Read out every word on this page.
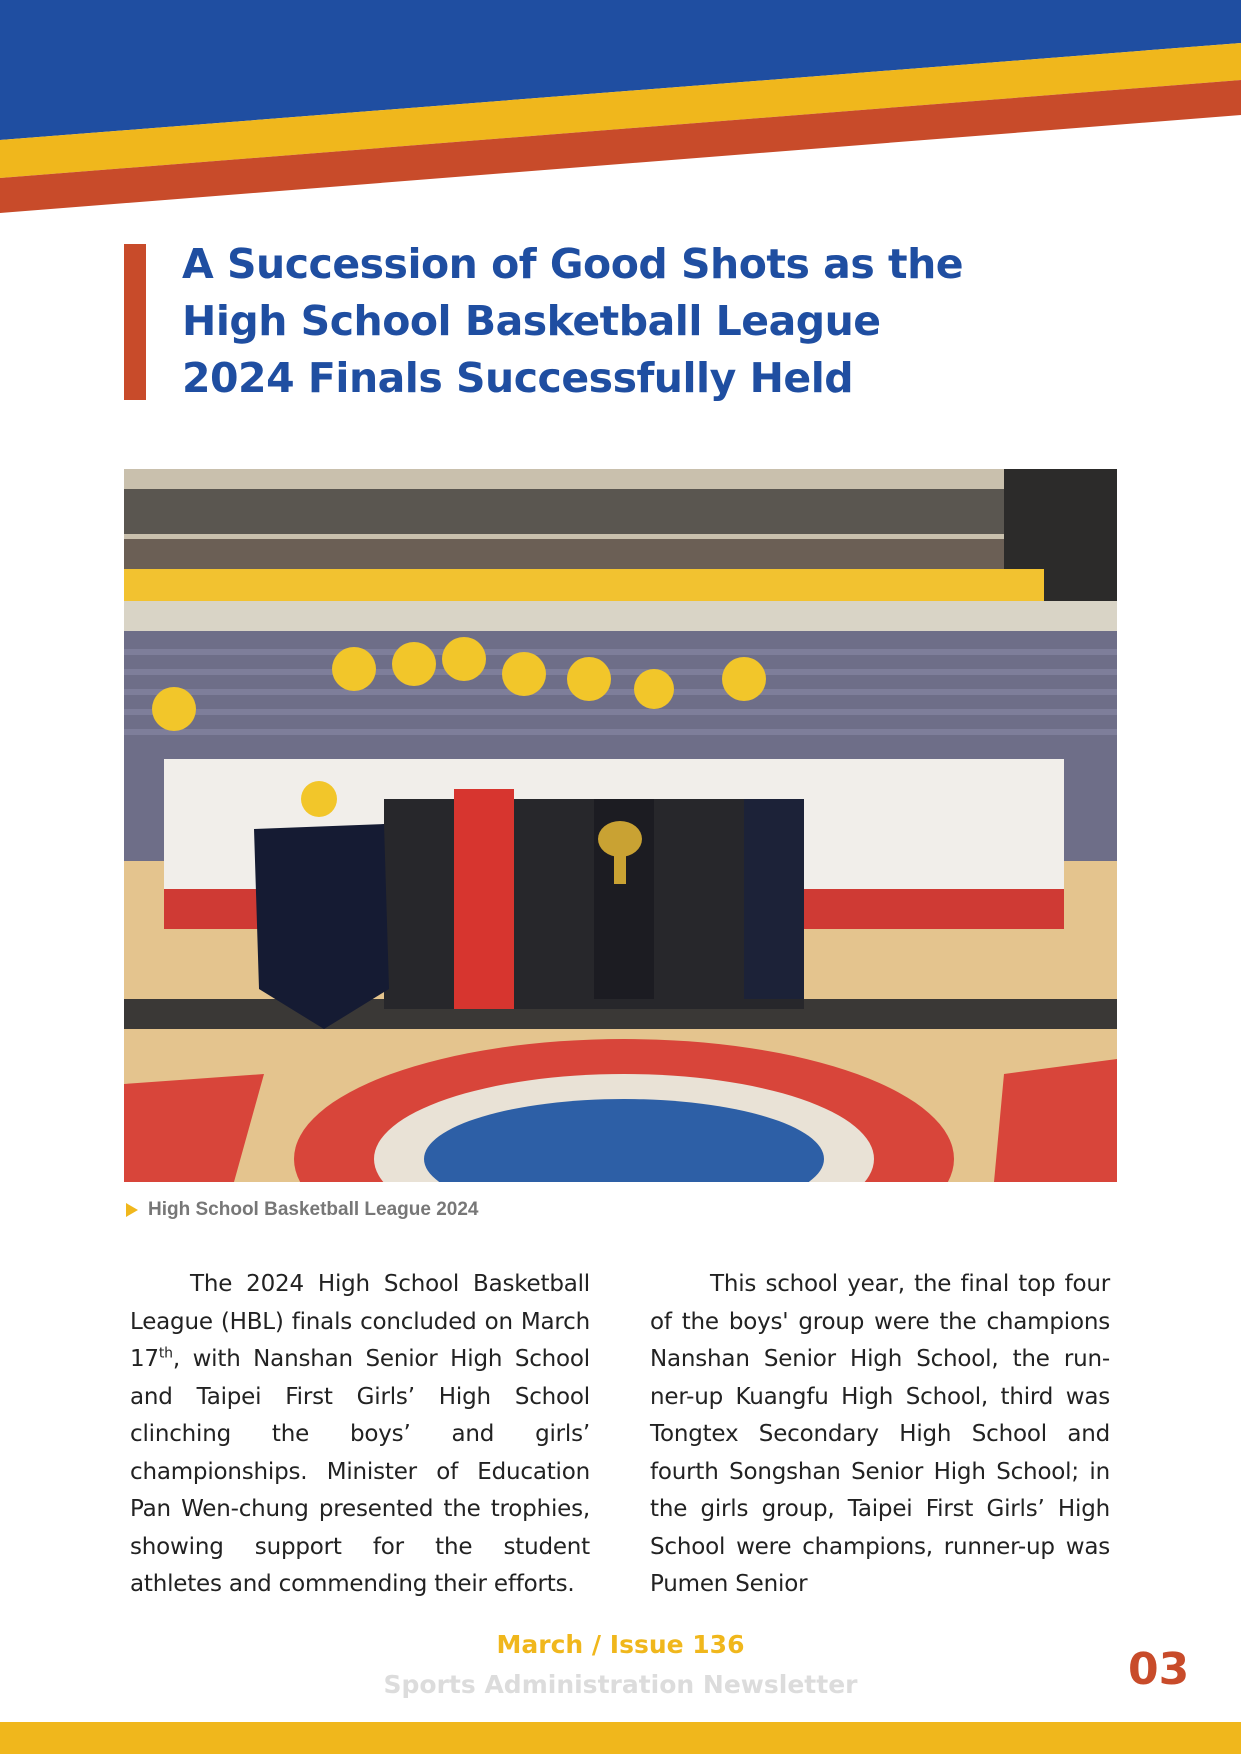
A Succession of Good Shots as the
High School Basketball League
2024 Finals Successfully Held
High School Basketball League 2024

The 2024 High School Basketball League (HBL) finals concluded on March 17th, with Nanshan Senior High School and Taipei First Girls’ High School clinching the boys’ and girls’ championships. Minister of Education Pan Wen-chung presented the trophies, showing support for the student athletes and commending their efforts.

This school year, the final top four of the boys' group were the champions Nanshan Senior High School, the run-ner-up Kuangfu High School, third was Tongtex Secondary High School and fourth Songshan Senior High School; in the girls group, Taipei First Girls’ High School were champions, runner-up was Pumen Senior

March / Issue 136
Sports Administration Newsletter	03
